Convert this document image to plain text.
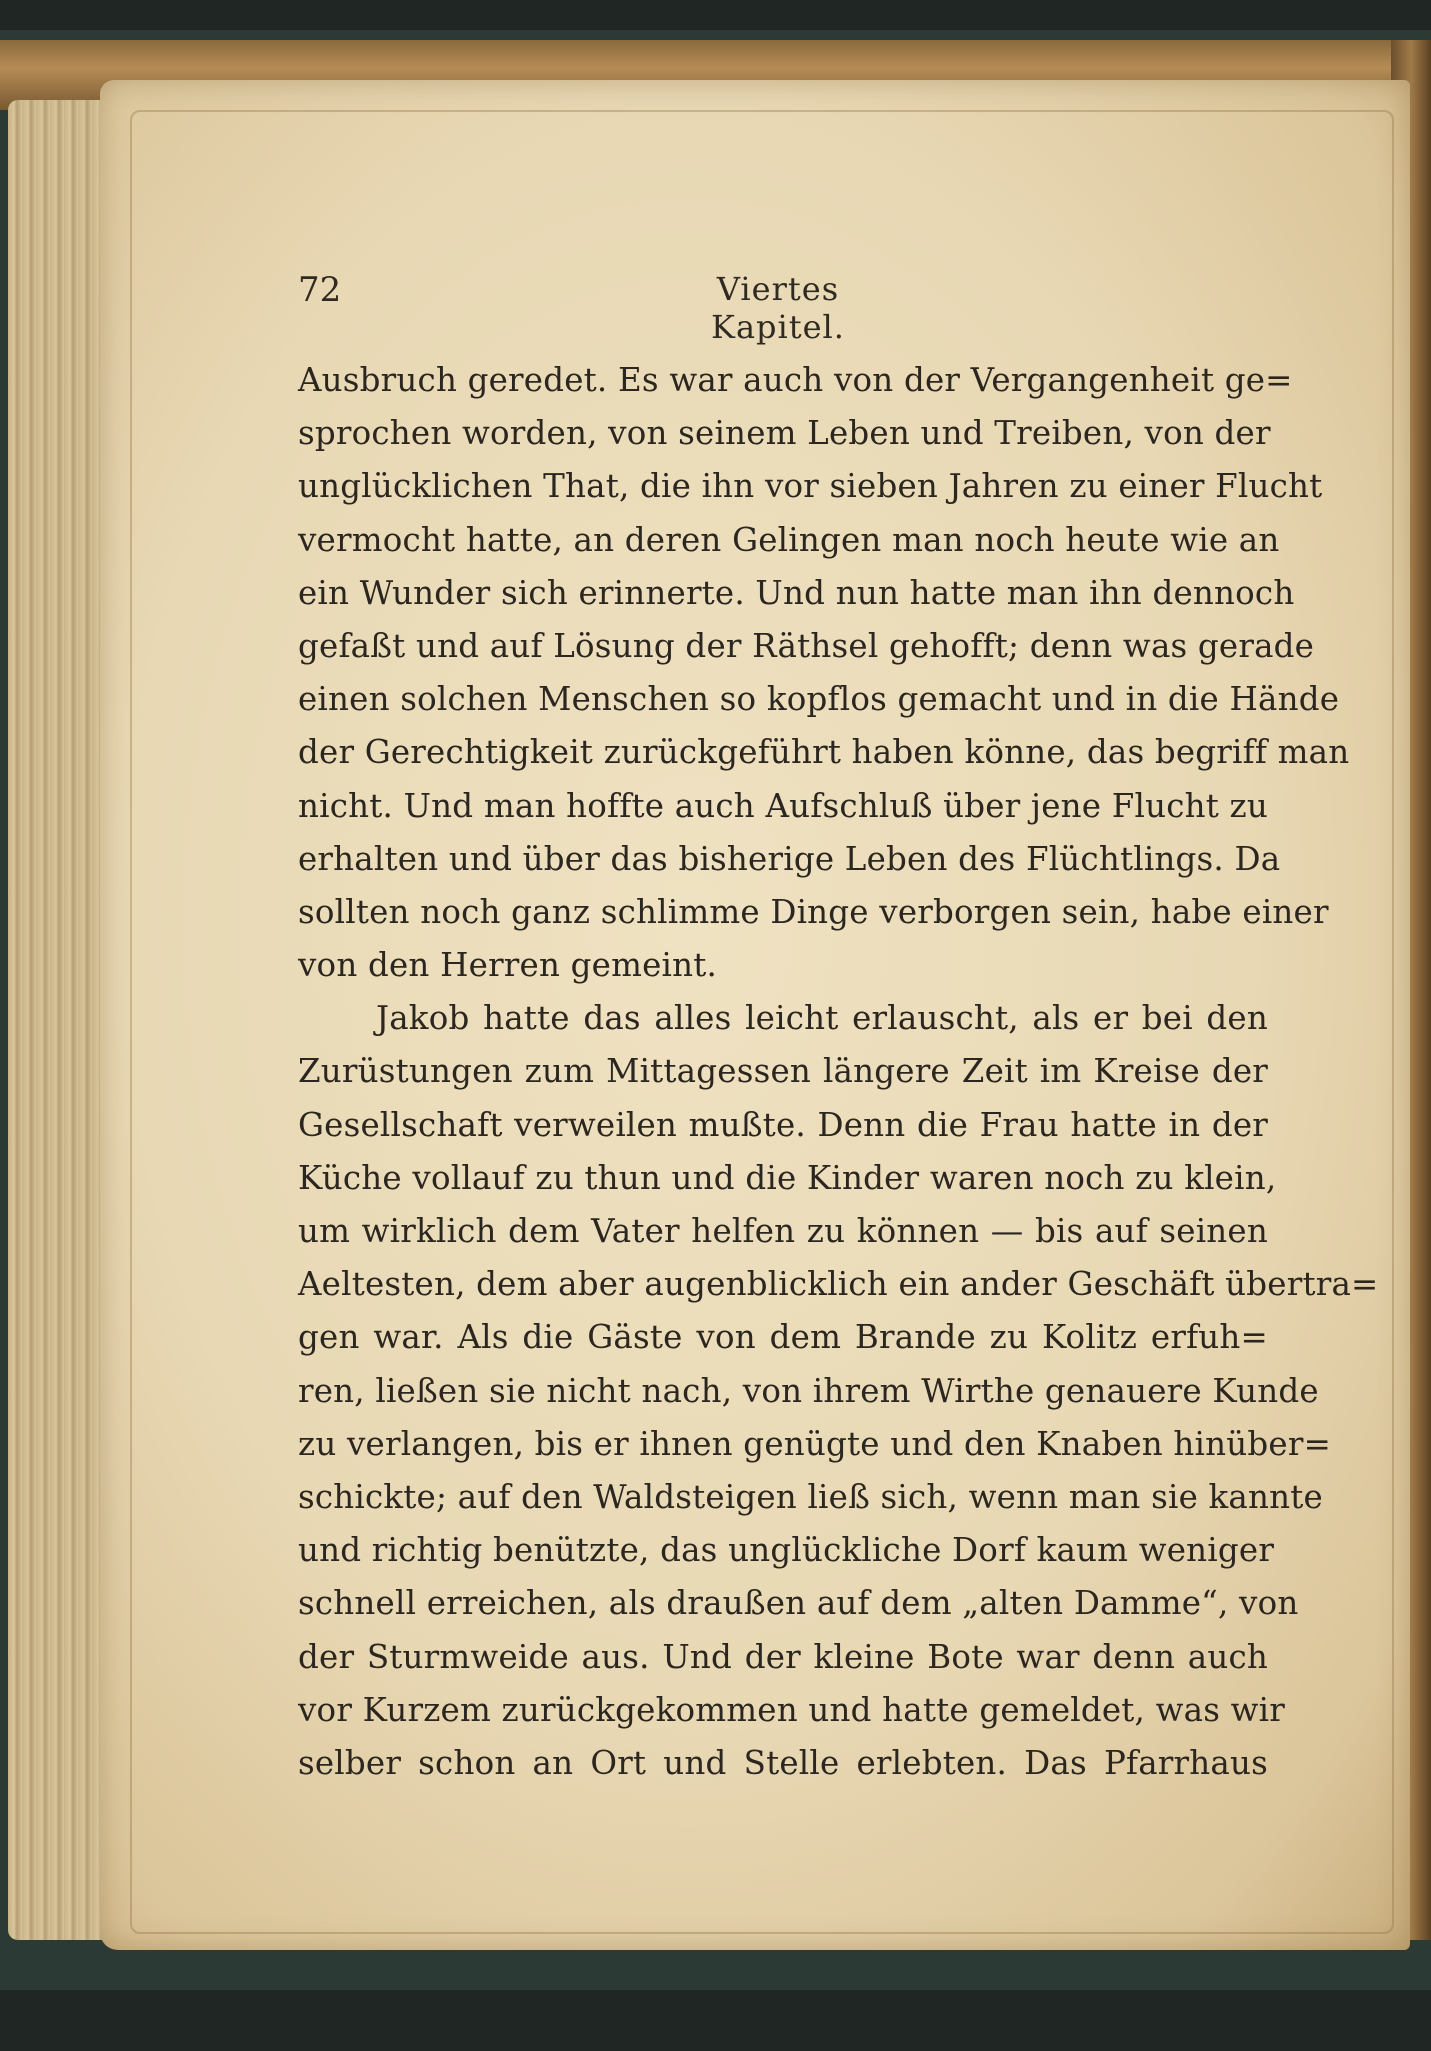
72	Viertes Kapitel.
Ausbruch geredet. Es war auch von der Vergangenheit ge=
sprochen worden, von seinem Leben und Treiben, von der
unglücklichen That, die ihn vor sieben Jahren zu einer Flucht
vermocht hatte, an deren Gelingen man noch heute wie an
ein Wunder sich erinnerte. Und nun hatte man ihn dennoch
gefaßt und auf Lösung der Räthsel gehofft; denn was gerade
einen solchen Menschen so kopflos gemacht und in die Hände
der Gerechtigkeit zurückgeführt haben könne, das begriff man
nicht. Und man hoffte auch Aufschluß über jene Flucht zu
erhalten und über das bisherige Leben des Flüchtlings. Da
sollten noch ganz schlimme Dinge verborgen sein, habe einer
von den Herren gemeint.
Jakob hatte das alles leicht erlauscht, als er bei den
Zurüstungen zum Mittagessen längere Zeit im Kreise der
Gesellschaft verweilen mußte. Denn die Frau hatte in der
Küche vollauf zu thun und die Kinder waren noch zu klein,
um wirklich dem Vater helfen zu können — bis auf seinen
Aeltesten, dem aber augenblicklich ein ander Geschäft übertra=
gen war. Als die Gäste von dem Brande zu Kolitz erfuh=
ren, ließen sie nicht nach, von ihrem Wirthe genauere Kunde
zu verlangen, bis er ihnen genügte und den Knaben hinüber=
schickte; auf den Waldsteigen ließ sich, wenn man sie kannte
und richtig benützte, das unglückliche Dorf kaum weniger
schnell erreichen, als draußen auf dem „alten Damme“, von
der Sturmweide aus. Und der kleine Bote war denn auch
vor Kurzem zurückgekommen und hatte gemeldet, was wir
selber schon an Ort und Stelle erlebten. Das Pfarrhaus
